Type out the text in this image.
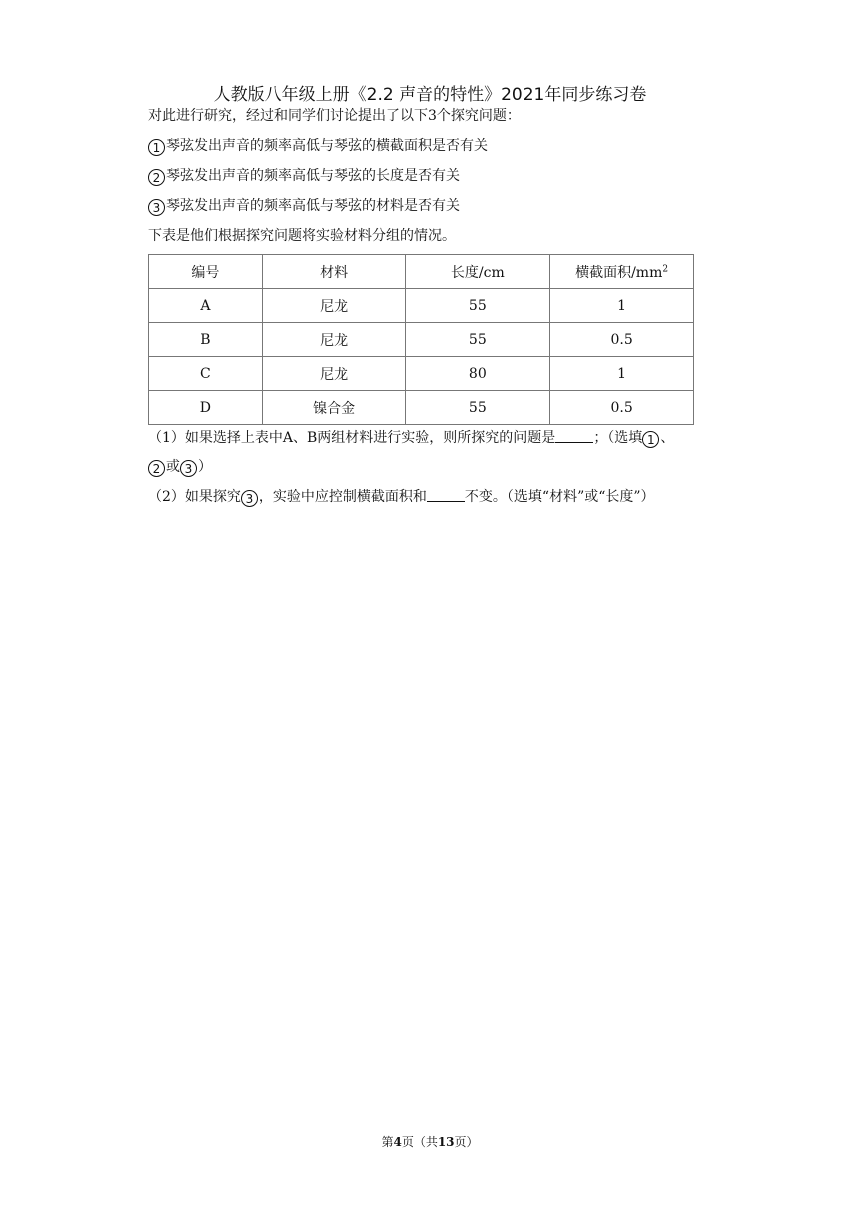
人教版八年级上册《2.2 声音的特性》2021年同步练习卷
对此进行研究，经过和同学们讨论提出了以下3个探究问题：
1 琴弦发出声音的频率高低与琴弦的横截面积是否有关
2 琴弦发出声音的频率高低与琴弦的长度是否有关
3 琴弦发出声音的频率高低与琴弦的材料是否有关
下表是他们根据探究问题将实验材料分组的情况。
编号	材料	长度/cm	横截面积$/mm^2$
A	尼龙	55	1
B	尼龙	55	0.5
C	尼龙	80	1
D	镍合金	55	0.5
（1）如果选择上表中A、B两组材料进行实验，则所探究的问题是	；（选填 1 、
2 或 3 ）
（2）如果探究 3 ，实验中应控制横截面积和	不变。（选填“材料”或“长度”）
第4页（共13页）
